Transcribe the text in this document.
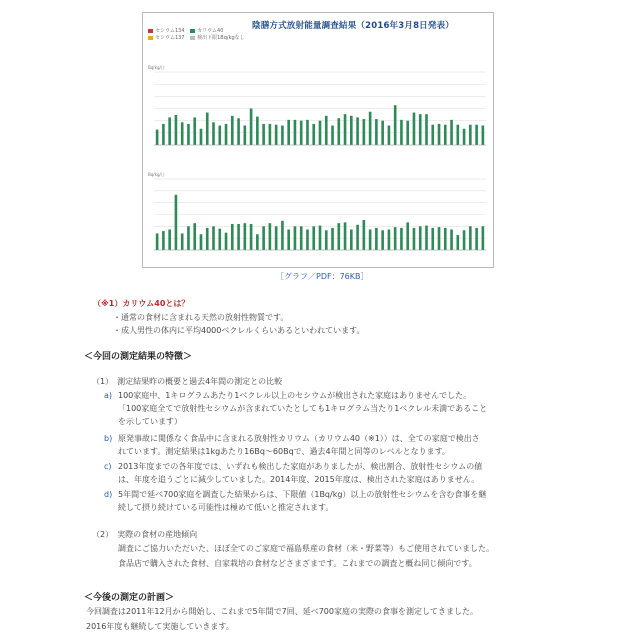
セシウム134	カリウム40
セシウム137	検出下限1Bq/kgなし
陰膳方式放射能量調査結果（2016年3月8日発表）
Bq/kg/日
Bq/kg/日
［グラフ／PDF：76KB］
（※1）カリウム40とは？
・通常の食材に含まれる天然の放射性物質です。
・成人男性の体内に平均4000ベクレルくらいあるといわれています。
＜今回の測定結果の特徴＞
（1）　測定結果昨の概要と過去4年間の測定との比較
a) 100家庭中、1キログラムあたり1ベクレル以上のセシウムが検出された家庭はありませんでした。
「100家庭全てで放射性セシウムが含まれていたとしても1キログラム当たり1ベクレル未満であること
を示しています）
b) 原発事故に関係なく食品中に含まれる放射性カリウム（カリウム40（※1））は、全ての家庭で検出さ
れています。測定結果は1kgあたり16Bq～60Bqで、過去4年間と同等のレベルとなります。
c) 2013年度までの各年度では、いずれも検出した家庭がありましたが、検出割合、放射性セシウムの値
は、年度を追うごとに減少していました。2014年度、2015年度は、検出された家庭はありません。
d) 5年間で延べ700家庭を調査した結果からは、下限値（1Bq/kg）以上の放射性セシウムを含む食事を継
続して摂り続けている可能性は極めて低いと推定されます。
（2）　実際の食材の産地傾向
調査にご協力いただいた、ほぼ全てのご家庭で福島県産の食材（米・野菜等）もご使用されていました。
食品店で購入された食材、自家栽培の食材などさまざまです。これまでの調査と概ね同じ傾向です。
＜今後の測定の計画＞
今回調査は2011年12月から開始し、これまで5年間で7回、延べ700家庭の実際の食事を測定してきました。
2016年度も継続して実施していきます。
